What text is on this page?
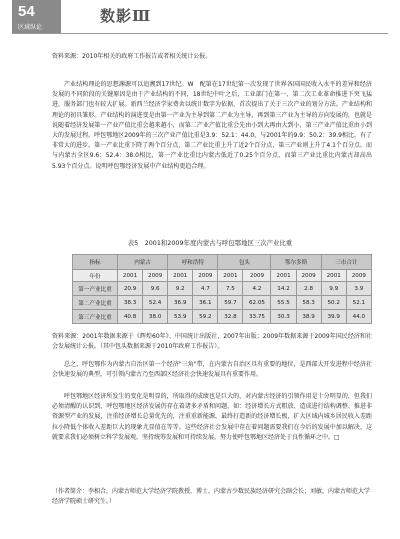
54
区域纵论
数影Ⅲ

资料来源：2010年相关的政府工作报告或者相关统计公报。

产业结构理论的思想渊源可以追溯到17世纪。W　配第在17世纪第一次发现了世界各国国民收入水平的差异和经济发展的不同阶段的关键原因是由于产业结构的不同，18世纪中叶之后，工业部门在第一、第二次工业革命推进下突飞猛进，服务部门也有较大扩展。新西兰经济学家费舍以统计数字为依据，首次提出了关于三次产业的划分方法。产业结构和理论的初具雏形。产业结构的演进变是由第一产业为主导到第二产业为主导，再到第三产业为主导的方向发展的，也就是说随着经济发展第一产业产值比重会越来越小，而第二产业产值比重会先由小到大再由大到小，第三产业产值比重由小到大的发展过程。呼包鄂地区2009年的三次产业产值比重是3.9：52.1：44.0，与2001年的9.9：50.2：39.9相比，有了非常大的进步。第一产业比重下降了两个百分点，第二产业比重上升了近2个百分点，第三产业则上升了4.1个百分点。而与内蒙古全区9.6：52.4：38.0相比，第一产业比重比内蒙古低近了0.25个百分点，而第三产业比重比内蒙古却高出5.93个百分点。说明呼包鄂经济发展中产业结构更趋合理。

表5　2001和2009年度内蒙古与呼包鄂地区三次产业比重

指标	内蒙古		呼和浩特		包头		鄂尔多斯		三市合计	
年份	2001	2009	2001	2009	2001	2009	2001	2009	2001	2009
第一产业比重	20.9	9.6	9.2	4.7	7.5	4.2	14.2	2.8	9.9	3.9
第二产业比重	38.3	52.4	36.9	36.1	59.7	62.05	55.5	58.3	50.2	52.1
第三产业比重	40.8	38.0	53.9	59.2	32.8	33.75	30.3	38.9	39.9	44.0

资料来源：2001年数据来源于《辉煌60年》、中国统计出版社，2007年出版；2009年数据来源于2009年国民经济和社会发展统计公报。（其中包头数据来源于2010年政府工作报告）。

总之，呼包鄂作为内蒙古自治区第一个经济"三角"带，在内蒙古自治区具有重要的地位，是西部大开发进程中经济社会快速发展的典型，可引领内蒙古乃至西部区经济社会快速发展具有重要作用。

呼包鄂地区经济所发生的变化是明显的，所取得的成绩也是巨大的，对内蒙古经济的引领作用是十分明显的，但我们必须清醒的认识到，呼包鄂地区经济发展仍存在着诸多矛盾和问题，如：经济增长方式粗放、造成进行结构调整、推进非资源型产业的发展，注重经济增长总量优先的，注重重新能源，最终打造新的经济增长极，扩大区域内城乡居民收入差距拉小降低个体收入差距巨大的现象尤显值在等等。这些经济社会发展中存在着问题需要我们在今后的发展中加以解决，这就要求我们必须树立科学发展观，坚持统筹发展和可持续发展，努力使呼包鄂地区经济处于良性循环之中。□

（作者简介：李相合，内蒙古师范大学经济学院教授，博士，内蒙古少数民族经济研究会副会长；刘敏，内蒙古师范大学经济学院硕士研究生。）
